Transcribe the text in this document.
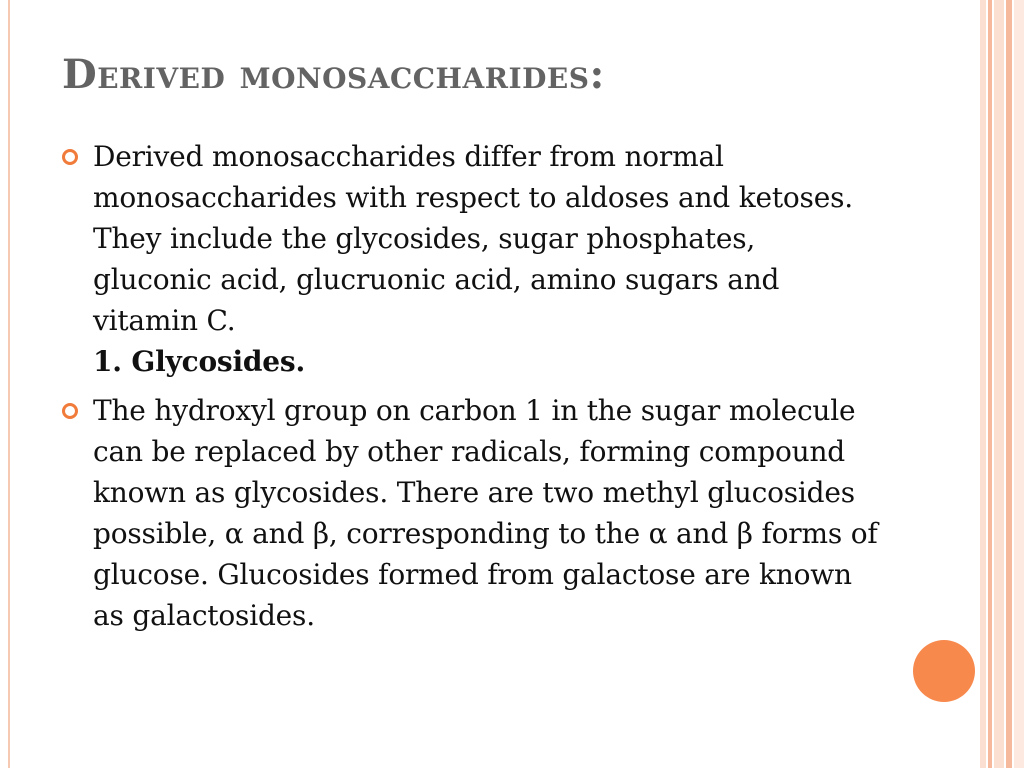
Derived monosaccharides:
Derived monosaccharides differ from normal monosaccharides with respect to aldoses and ketoses. They include the glycosides, sugar phosphates, gluconic acid, glucruonic acid, amino sugars and vitamin C.
1. Glycosides.
The hydroxyl group on carbon 1 in the sugar molecule can be replaced by other radicals, forming compound known as glycosides. There are two methyl glucosides possible, α and β, corresponding to the α and β forms of glucose. Glucosides formed from galactose are known as galactosides.
